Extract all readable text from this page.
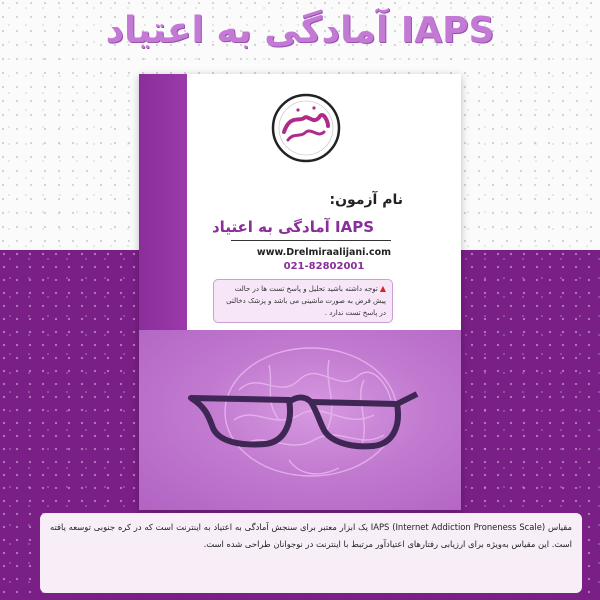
IAPS آمادگی به اعتیاد
نام آزمون:
IAPS آمادگی به اعتیاد
www.Drelmiraalijani.com
021-82802001
▲توجه داشته باشید تحلیل و پاسخ تست ها در حالت
پیش فرض به صورت ماشینی می باشد و پزشک دخالتی
در پاسخ تست ندارد .
مقیاس IAPS (Internet Addiction Proneness Scale) یک ابزار معتبر برای سنجش آمادگی به اعتیاد به اینترنت است که در کره جنوبی توسعه یافته است. این مقیاس به‌ویژه برای ارزیابی رفتارهای اعتیادآور مرتبط با اینترنت در نوجوانان طراحی شده است.
